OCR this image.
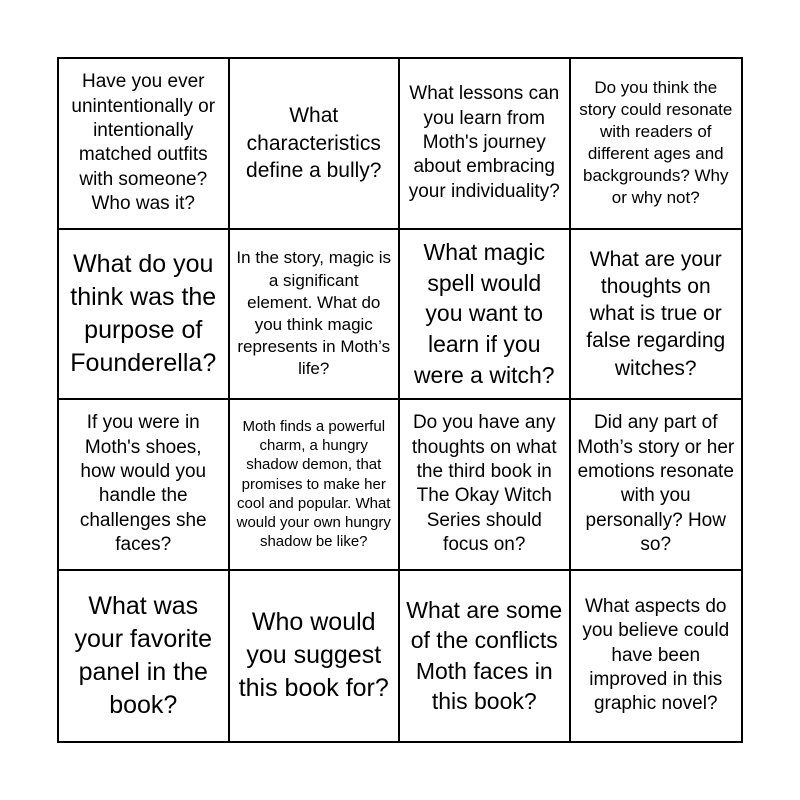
Have you ever unintentionally or intentionally matched outfits with someone? Who was it?
What characteristics define a bully?
What lessons can you learn from Moth's journey about embracing your individuality?
Do you think the story could resonate with readers of different ages and backgrounds? Why or why not?
What do you think was the purpose of Founderella?
In the story, magic is a significant element. What do you think magic represents in Moth’s life?
What magic spell would you want to learn if you were a witch?
What are your thoughts on what is true or false regarding witches?
If you were in Moth's shoes, how would you handle the challenges she faces?
Moth finds a powerful charm, a hungry shadow demon, that promises to make her cool and popular. What would your own hungry shadow be like?
Do you have any thoughts on what the third book in The Okay Witch Series should focus on?
Did any part of Moth’s story or her emotions resonate with you personally? How so?
What was your favorite panel in the book?
Who would you suggest this book for?
What are some of the conflicts Moth faces in this book?
What aspects do you believe could have been improved in this graphic novel?
